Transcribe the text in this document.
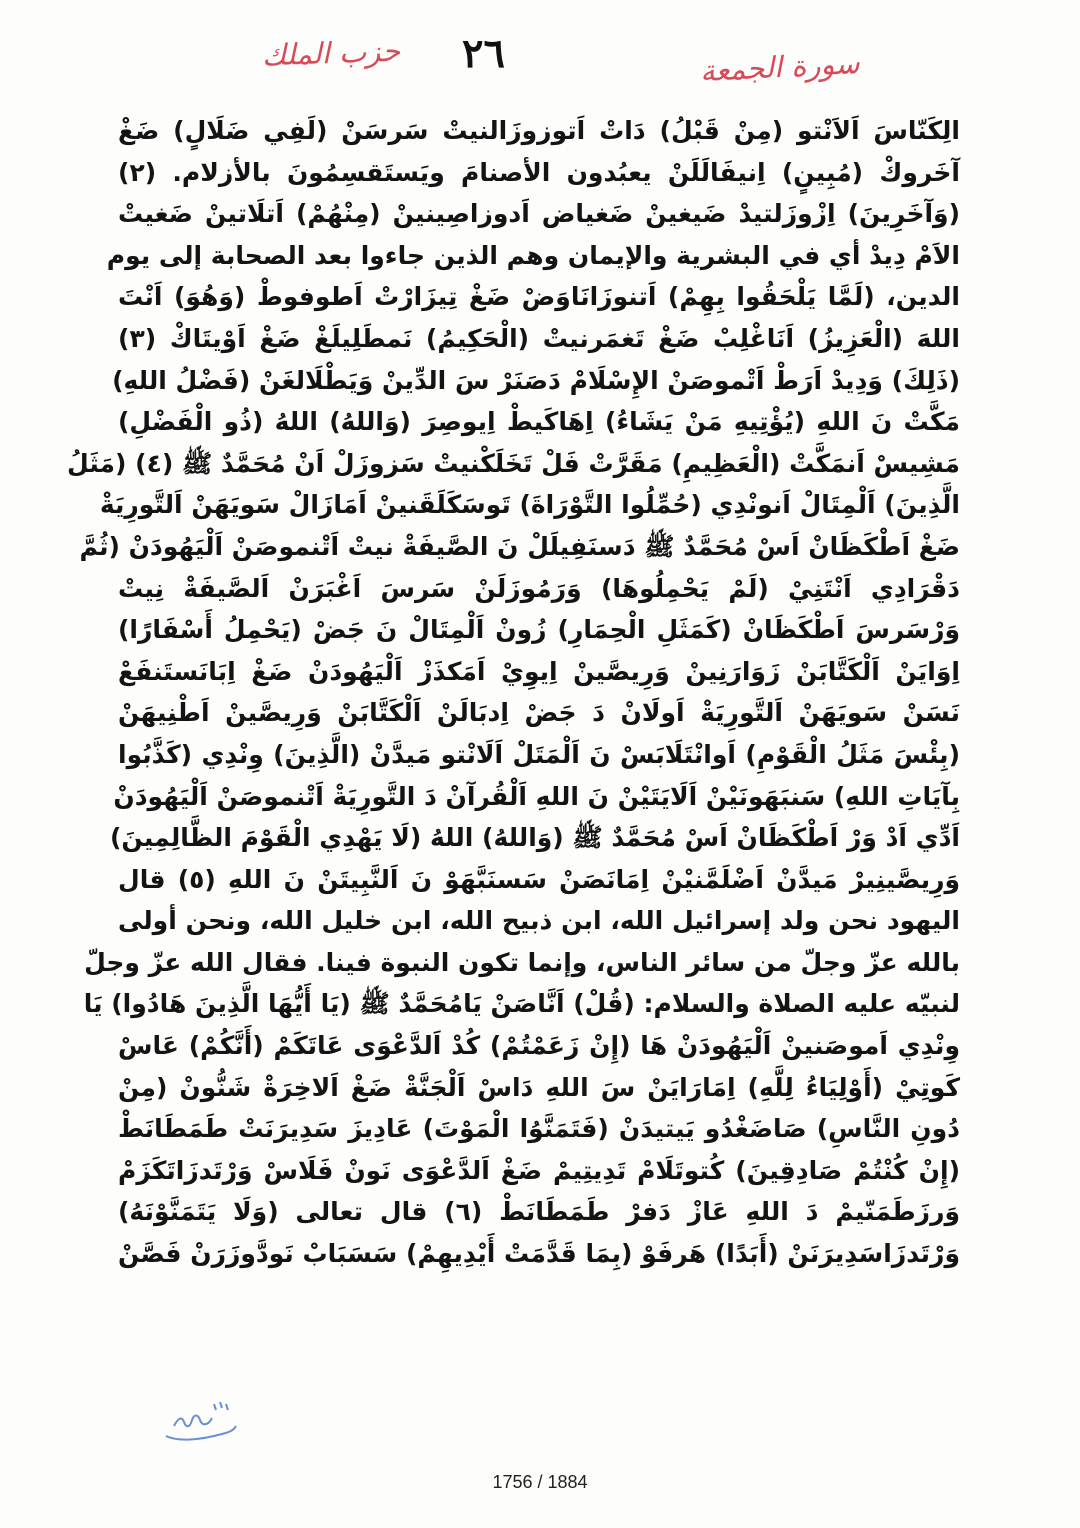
حزب الملك ٢٦	سورة الجمعة
الِكَنّاسَ اَلاَنْتو (مِنْ قَبْلُ) دَاتْ اَتوزوزَالنيتْ سَرسَنْ (لَفِي ضَلَالٍ) ضَغْ
آخَروكْ (مُبِينٍ) اِنيفَالَلَنْ يعبُدون الأصنامَ ويَستَقسِمُونَ بالأزلام. (٢)
(وَآخَرِينَ) اِزْوزَلتيدْ ضَيغينْ ضَغياض اَدوزاصِينينْ (مِنْهُمْ) اَتلَاتينْ ضَغيتْ
الاَمْ دِيدْ أي في البشرية والإيمان وهم الذين جاءوا بعد الصحابة إلى يوم
الدين، (لَمَّا يَلْحَقُوا بِهِمْ) اَتنوزَانَاوَضْ ضَغْ تِيزَارْتْ اَطوفوطْ (وَهُوَ) اَنْتَ
اللهَ (الْعَزِيزُ) اَنَاغْلِبْ ضَغْ تَغمَرنيتْ (الْحَكِيمُ) نَمطَلِيلَغْ ضَغْ اَوْيتَاكْ (٣)
(ذَلِكَ) وَدِيدْ اَرَطْ اَتْموصَنْ الإِسْلَامْ دَصَنَرْ سَ الدِّينْ وَيَطْلَالغَنْ (فَضْلُ اللهِ)
مَكَّتْ نَ اللهِ (يُؤْتِيهِ مَنْ يَشَاءُ) اِهَاكَيطْ اِيوصِرَ (وَاللهُ) اللهُ (ذُو الْفَضْلِ)
مَشِيسْ اَنمَكَّتْ (الْعَظِيمِ) مَقَرَّتْ فَلْ تَخَلَكْنيتْ سَزوزَلْ اَنْ مُحَمَّدٌ ﷺ (٤) (مَثَلُ
الَّذِينَ) اَلْمِتَالْ اَنونْدِي (حُمِّلُوا التَّوْرَاةَ) تَوسَكَلَقَنينْ اَمَازَالْ سَويَهَنْ اَلتَّورِيَةْ
ضَغْ اَطْكَظَانْ اَسْ مُحَمَّدٌ ﷺ دَسنَفِيلَلْ نَ الصَّيفَةْ نيتْ اَتْنموصَنْ اَلْيَهُودَنْ (ثُمَّ
دَقْرَادِي اَنْتَنِيْ (لَمْ يَحْمِلُوهَا) وَرَمُوزَلَنْ سَرسَ اَغْبَرَنْ اَلصَّيفَةْ نِيتْ
وَرْسَرسَ اَطْكَظَانْ (كَمَثَلِ الْحِمَارِ) زُونْ اَلْمِتَالْ نَ جَضْ (يَحْمِلُ أَسْفَارًا)
اِوَايَنْ اَلْكَتَّابَنْ زَوَارَنِينْ وَرِيصَّينْ اِيوِيْ اَمَكذَزْ اَلْيَهُودَنْ ضَغْ اِبَانَستَنفَعْ
نَسَنْ سَويَهَنْ اَلتَّورِيَةْ اَولَانْ دَ جَضْ اِدبَالَنْ اَلْكَتَّابَنْ وَرِيصَّينْ اَطْنِيهَنْ
(بِئْسَ مَثَلُ الْقَوْمِ) اَوانْتَلَابَسْ نَ اَلْمَتَلْ اَلَانْتو مَيدَّنْ (الَّذِينَ) وِنْدِي (كَذَّبُوا
بِآيَاتِ اللهِ) سَنبَهَونَيْنْ اَلَايَتَيْنْ نَ اللهِ اَلْقُرآنْ دَ التَّورِيَةْ اَتْنموصَنْ اَلْيَهُودَنْ
اَدِّي اَدْ وَرْ اَطْكَظَانْ اَسْ مُحَمَّدٌ ﷺ (وَاللهُ) اللهُ (لَا يَهْدِي الْقَوْمَ الظَّالِمِينَ)
وَرِيصَّينِيرْ مَيدَّنْ اَضْلَمَّنيْنْ اِمَانَصَنْ سَسنَبَّهَوْ نَ اَلنَّبِيتَنْ نَ اللهِ (٥) قال
اليهود نحن ولد إسرائيل الله، ابن ذبيح الله، ابن خليل الله، ونحن أولى
بالله عزّ وجلّ من سائر الناس، وإنما تكون النبوة فينا. فقال الله عزّ وجلّ
لنبيّه عليه الصلاة والسلام: (قُلْ) اَنَّاصَنْ يَامُحَمَّدٌ ﷺ (يَا أَيُّهَا الَّذِينَ هَادُوا) يَا
وِنْدِي اَموصَنينْ اَلْيَهُودَنْ هَا (إِنْ زَعَمْتُمْ) كُدْ اَلدَّعْوَى عَاتَكَمْ (أَنَّكُمْ) عَاسْ
كَوتِيْ (أَوْلِيَاءُ لِلَّهِ) اِمَارَايَنْ سَ اللهِ دَاسْ اَلْجَنَّةْ ضَغْ اَلاخِرَةْ شَنُّونْ (مِنْ
دُونِ النَّاسِ) صَاضَغْدُو يَيتيدَنْ (فَتَمَنَّوُا الْمَوْتَ) عَادِيزَ سَدِيرَنَتْ طَمَطَانَطْ
(إِنْ كُنْتُمْ صَادِقِينَ) كُتوتَلَامْ تَدِيتِيمْ ضَغْ اَلدَّعْوَى نَونْ فَلَاسْ وَرْتَدزَاتَكَزَمْ
وَرزَطَمَنّيمْ دَ اللهِ عَازْ دَفرْ طَمَطَانَطْ (٦) قال تعالى (وَلَا يَتَمَنَّوْنَهُ)
وَرْتَدزَاسَدِيرَنَنْ (أَبَدًا) هَرفَوْ (بِمَا قَدَّمَتْ أَيْدِيهِمْ) سَسَبَابْ نَودَّوزَرَنْ فَصَّنْ
1756 / 1884
